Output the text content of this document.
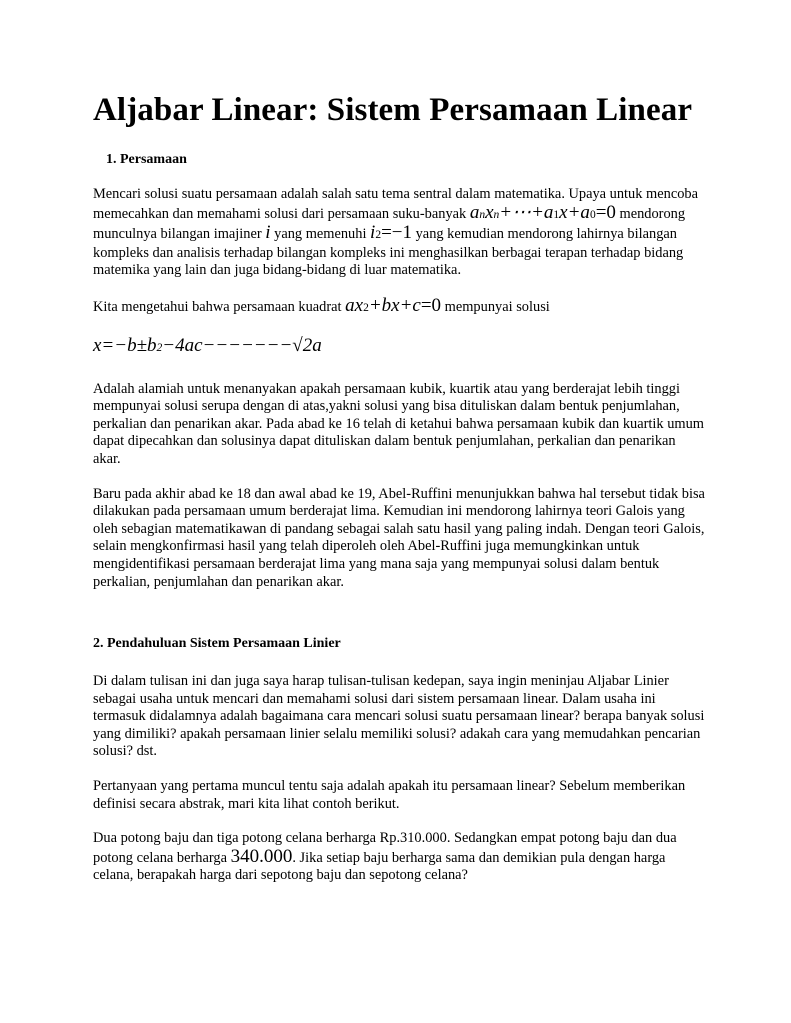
Aljabar Linear: Sistem Persamaan Linear
1. Persamaan

Mencari solusi suatu persamaan adalah salah satu tema sentral dalam matematika. Upaya untuk mencoba memecahkan dan memahami solusi dari persamaan suku-banyak anxn+⋯+a1x+a0=0 mendorong munculnya bilangan imajiner i yang memenuhi i2=−1 yang kemudian mendorong lahirnya bilangan kompleks dan analisis terhadap bilangan kompleks ini menghasilkan berbagai terapan terhadap bidang matemika yang lain dan juga bidang-bidang di luar matematika.

Kita mengetahui bahwa persamaan kuadrat ax2+bx+c=0 mempunyai solusi

x=−b±b2−4ac−−−−−−−√2a

Adalah alamiah untuk menanyakan apakah persamaan kubik, kuartik atau yang berderajat lebih tinggi mempunyai solusi serupa dengan di atas,yakni solusi yang bisa dituliskan dalam bentuk penjumlahan, perkalian dan penarikan akar. Pada abad ke 16 telah di ketahui bahwa persamaan kubik dan kuartik umum dapat dipecahkan dan solusinya dapat dituliskan dalam bentuk penjumlahan, perkalian dan penarikan akar.

Baru pada akhir abad ke 18 dan awal abad ke 19, Abel-Ruffini menunjukkan bahwa hal tersebut tidak bisa dilakukan pada persamaan umum berderajat lima. Kemudian ini mendorong lahirnya teori Galois yang oleh sebagian matematikawan di pandang sebagai salah satu hasil yang paling indah. Dengan teori Galois, selain mengkonfirmasi hasil yang telah diperoleh oleh Abel-Ruffini juga memungkinkan untuk mengidentifikasi persamaan berderajat lima yang mana saja yang mempunyai solusi dalam bentuk perkalian, penjumlahan dan penarikan akar.

2. Pendahuluan Sistem Persamaan Linier

Di dalam tulisan ini dan juga saya harap tulisan-tulisan kedepan, saya ingin meninjau Aljabar Linier sebagai usaha untuk mencari dan memahami solusi dari sistem persamaan linear. Dalam usaha ini termasuk didalamnya adalah bagaimana cara mencari solusi suatu persamaan linear? berapa banyak solusi yang dimiliki? apakah persamaan linier selalu memiliki solusi? adakah cara yang memudahkan pencarian solusi? dst.

Pertanyaan yang pertama muncul tentu saja adalah apakah itu persamaan linear? Sebelum memberikan definisi secara abstrak, mari kita lihat contoh berikut.

Dua potong baju dan tiga potong celana berharga Rp.310.000. Sedangkan empat potong baju dan dua potong celana berharga 340.000. Jika setiap baju berharga sama dan demikian pula dengan harga celana, berapakah harga dari sepotong baju dan sepotong celana?
